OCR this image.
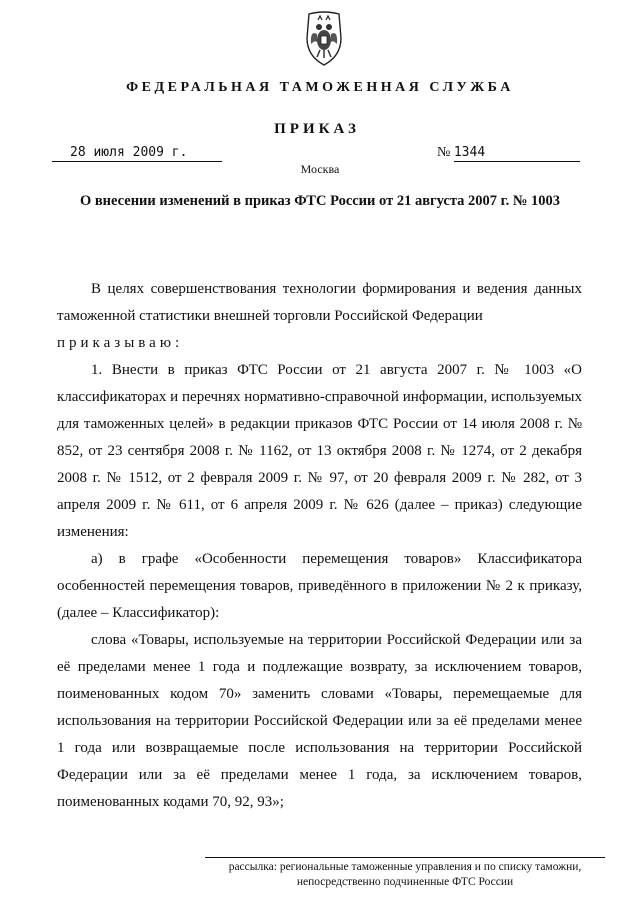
ФЕДЕРАЛЬНАЯ ТАМОЖЕННАЯ СЛУЖБА
ПРИКАЗ
28 июля 2009 г.	№ 1344
Москва
О внесении изменений в приказ ФТС России от 21 августа 2007 г. № 1003

В целях совершенствования технологии формирования и ведения данных таможенной статистики внешней торговли Российской Федерации

приказываю:

1. Внести в приказ ФТС России от 21 августа 2007 г. № 1003 «О классификаторах и перечнях нормативно-справочной информации, используемых для таможенных целей» в редакции приказов ФТС России от 14 июля 2008 г. № 852, от 23 сентября 2008 г. № 1162, от 13 октября 2008 г. № 1274, от 2 декабря 2008 г. № 1512, от 2 февраля 2009 г. № 97, от 20 февраля 2009 г. № 282, от 3 апреля 2009 г. № 611, от 6 апреля 2009 г. № 626 (далее – приказ) следующие изменения:

а) в графе «Особенности перемещения товаров» Классификатора особенностей перемещения товаров, приведённого в приложении № 2 к приказу, (далее – Классификатор):

слова «Товары, используемые на территории Российской Федерации или за её пределами менее 1 года и подлежащие возврату, за исключением товаров, поименованных кодом 70» заменить словами «Товары, перемещаемые для использования на территории Российской Федерации или за её пределами менее 1 года или возвращаемые после использования на территории Российской Федерации или за её пределами менее 1 года, за исключением товаров, поименованных кодами 70, 92, 93»;

рассылка: региональные таможенные управления и по списку таможни,
непосредственно подчиненные ФТС России
